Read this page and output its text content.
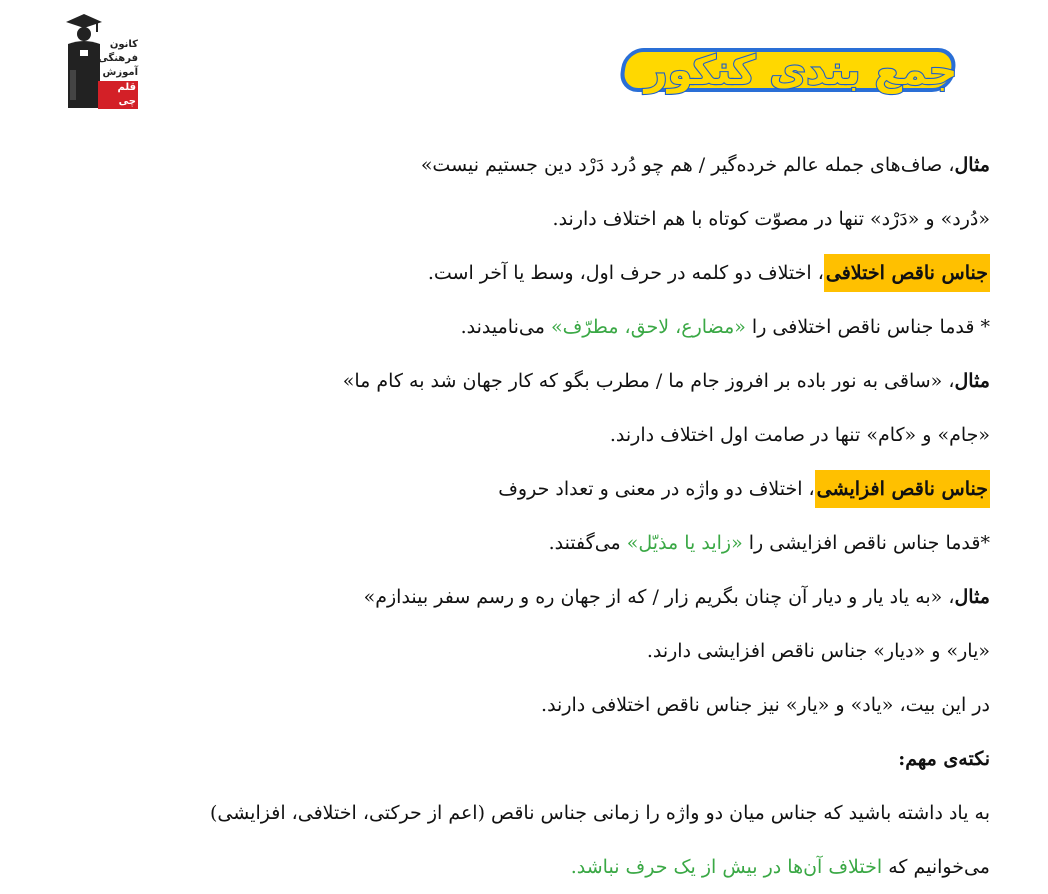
کانون
فرهنگی
آموزش
قلم چی
جمع بندی کنکور
مثال، صاف‌های جمله عالم خرده‌گیر / هم چو دُرد دَرْد دین جستیم نیست»
«دُرد» و «دَرْد» تنها در مصوّت کوتاه با هم اختلاف دارند.
جناس ناقص اختلافی، اختلاف دو کلمه در حرف اول، وسط یا آخر است.
* قدما جناس ناقص اختلافی را «مضارع، لاحق، مطرّف» می‌نامیدند.
مثال، «ساقی به نور باده بر افروز جام ما / مطرب بگو که کار جهان شد به کام ما»
«جام» و «کام» تنها در صامت اول اختلاف دارند.
جناس ناقص افزایشی، اختلاف دو واژه در معنی و تعداد حروف
*قدما جناس ناقص افزایشی را «زاید یا مذیّل» می‌گفتند.
مثال، «به یاد یار و دیار آن چنان بگریم زار / که از جهان ره و رسم سفر بیندازم»
«یار» و «دیار» جناس ناقص افزایشی دارند.
در این بیت، «یاد» و «یار» نیز جناس ناقص اختلافی دارند.
نکته‌ی مهم:
به یاد داشته باشید که جناس میان دو واژه را زمانی جناس ناقص (اعم از حرکتی، اختلافی، افزایشی)
می‌خوانیم که اختلاف آن‌ها در بیش از یک حرف نباشد.
